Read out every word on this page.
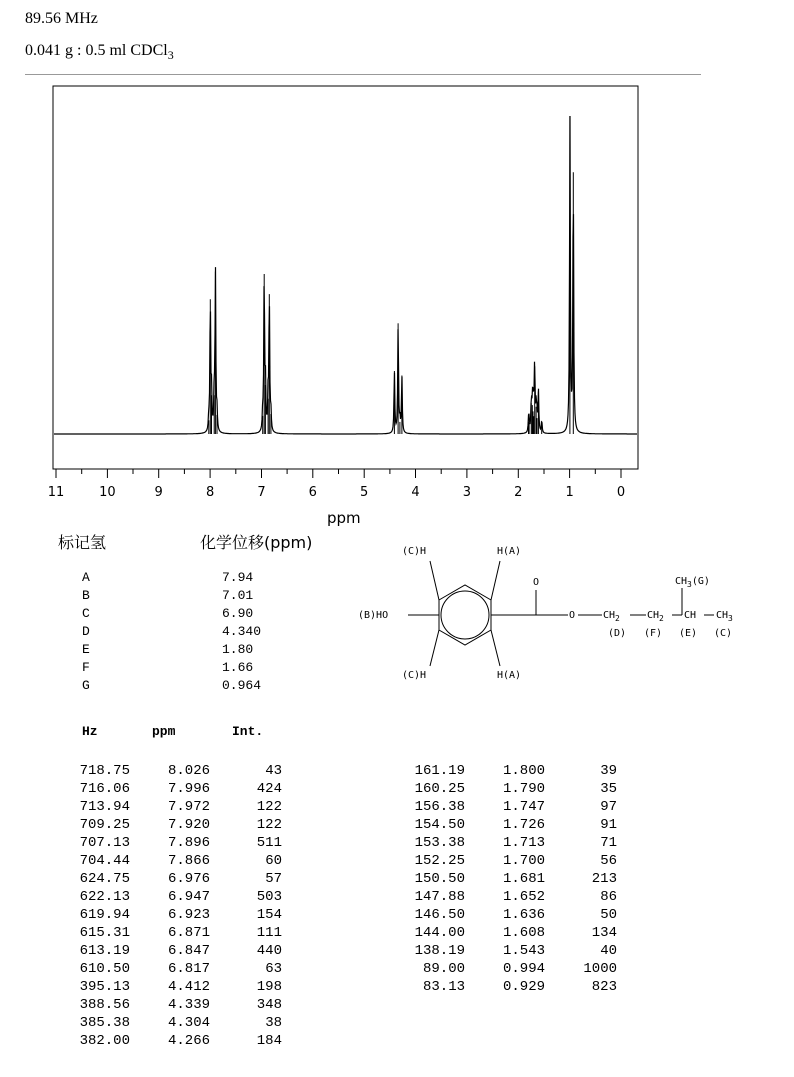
89.56 MHz
0.041 g : 0.5 ml CDCl$_3$
11	10	9	8	7	6	5	4	3	2	1	0
ppm
标记氢	化学位移(ppm)
A	7.94
B	7.01
C	6.90
D	4.340
E	1.80
F	1.66
G	0.964
(C)H	H(A)
(B)HO
(C)H	H(A)
O
O	$CH_2$	$CH_2$ CH $CH_3$
$CH_3(G)$
(D) (F) (E) (C)
Hz	ppm	Int.
718.75	8.026	43
716.06	7.996	424
713.94	7.972	122
709.25	7.920	122
707.13	7.896	511
704.44	7.866	60
624.75	6.976	57
622.13	6.947	503
619.94	6.923	154
615.31	6.871	111
613.19	6.847	440
610.50	6.817	63
395.13	4.412	198
388.56	4.339	348
385.38	4.304	38
382.00	4.266	184
161.19	1.800	39
160.25	1.790	35
156.38	1.747	97
154.50	1.726	91
153.38	1.713	71
152.25	1.700	56
150.50	1.681	213
147.88	1.652	86
146.50	1.636	50
144.00	1.608	134
138.19	1.543	40
89.00	0.994	1000
83.13	0.929	823
